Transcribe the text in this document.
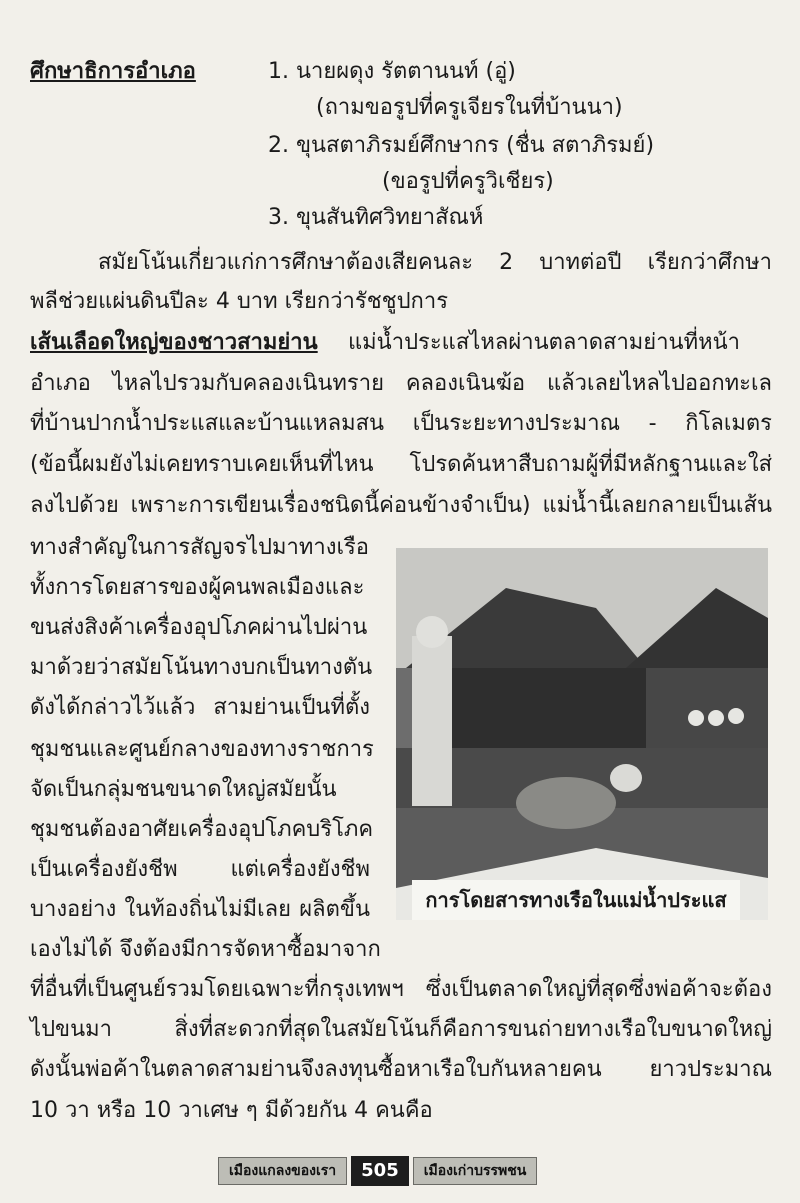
ศึกษาธิการอำเภอ	1. นายผดุง รัตตานนท์ (อู่)
(ถามขอรูปที่ครูเจียรในที่บ้านนา)
2. ขุนสตาภิรมย์ศึกษากร (ชื่น สตาภิรมย์)
(ขอรูปที่ครูวิเชียร)
3. ขุนสันทิศวิทยาสัณห์
สมัยโน้นเกี่ยวแก่การศึกษาต้องเสียคนละ 2 บาทต่อปี เรียกว่าศึกษา
พลีช่วยแผ่นดินปีละ 4 บาท เรียกว่ารัชชูปการ
เส้นเลือดใหญ่ของชาวสามย่าน แม่น้ำประแสไหลผ่านตลาดสามย่านที่หน้า
อำเภอ ไหลไปรวมกับคลองเนินทราย คลองเนินฆ้อ แล้วเลยไหลไปออกทะเล
ที่บ้านปากน้ำประแสและบ้านแหลมสน เป็นระยะทางประมาณ - กิโลเมตร
(ข้อนี้ผมยังไม่เคยทราบเคยเห็นที่ไหน โปรดค้นหาสืบถามผู้ที่มีหลักฐานและใส่
ลงไปด้วย เพราะการเขียนเรื่องชนิดนี้ค่อนข้างจำเป็น) แม่น้ำนี้เลยกลายเป็นเส้น
ทางสำคัญในการสัญจรไปมาทางเรือ
ทั้งการโดยสารของผู้คนพลเมืองและ
ขนส่งสิงค้าเครื่องอุปโภคผ่านไปผ่าน
มาด้วยว่าสมัยโน้นทางบกเป็นทางตัน
ดังได้กล่าวไว้แล้ว สามย่านเป็นที่ตั้ง
ชุมชนและศูนย์กลางของทางราชการ
จัดเป็นกลุ่มชนขนาดใหญ่สมัยนั้น
ชุมชนต้องอาศัยเครื่องอุปโภคบริโภค
เป็นเครื่องยังชีพ แต่เครื่องยังชีพ
บางอย่าง ในท้องถิ่นไม่มีเลย ผลิตขึ้น
เองไม่ได้ จึงต้องมีการจัดหาซื้อมาจาก
การโดยสารทางเรือในแม่น้ำประแส
ที่อื่นที่เป็นศูนย์รวมโดยเฉพาะที่กรุงเทพฯ ซึ่งเป็นตลาดใหญ่ที่สุดซึ่งพ่อค้าจะต้อง
ไปขนมา สิ่งที่สะดวกที่สุดในสมัยโน้นก็คือการขนถ่ายทางเรือใบขนาดใหญ่
ดังนั้นพ่อค้าในตลาดสามย่านจึงลงทุนซื้อหาเรือใบกันหลายคน ยาวประมาณ
10 วา หรือ 10 วาเศษ ๆ มีด้วยกัน 4 คนคือ
เมืองแกลงของเรา	505	เมืองเก่าบรรพชน
